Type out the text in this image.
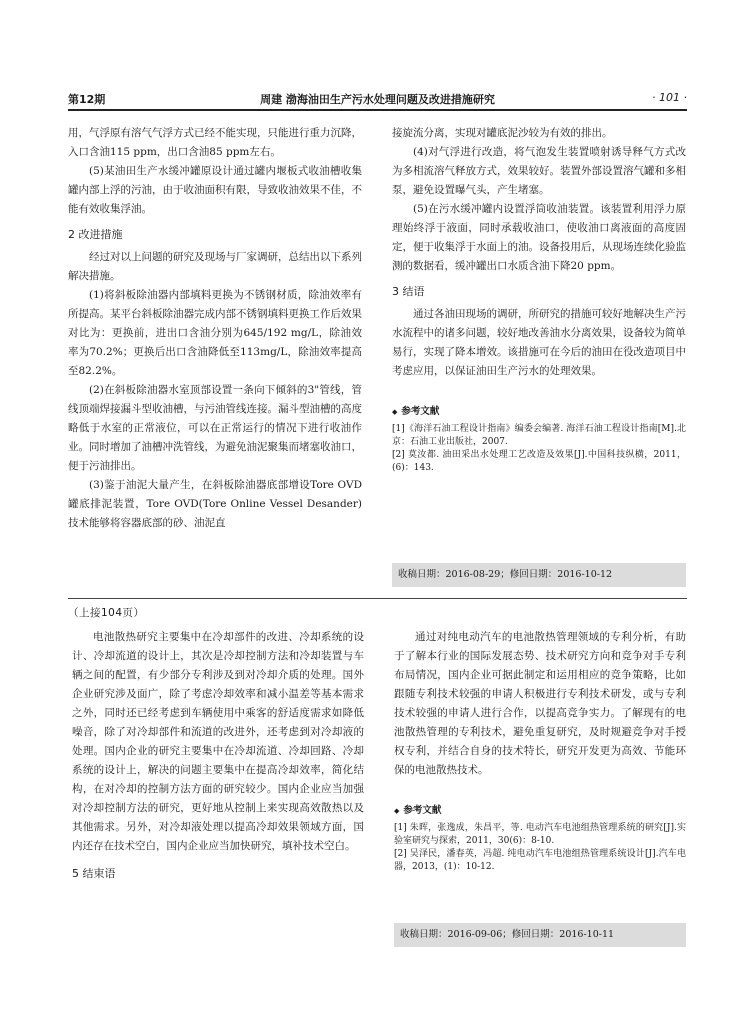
第12期	周建 渤海油田生产污水处理问题及改进措施研究	· 101 ·

用，气浮原有溶气气浮方式已经不能实现，只能进行重力沉降，入口含油115 ppm，出口含油85 ppm左右。

(5)某油田生产水缓冲罐原设计通过罐内堰板式收油槽收集罐内部上浮的污油，由于收油面积有限，导致收油效果不佳，不能有效收集浮油。

2 改进措施

经过对以上问题的研究及现场与厂家调研，总结出以下系列解决措施。

(1)将斜板除油器内部填料更换为不锈钢材质，除油效率有所提高。某平台斜板除油器完成内部不锈钢填料更换工作后效果对比为：更换前，进出口含油分别为645/192 mg/L，除油效率为70.2%；更换后出口含油降低至113mg/L，除油效率提高至82.2%。

(2)在斜板除油器水室顶部设置一条向下倾斜的3"管线，管线顶端焊接漏斗型收油槽，与污油管线连接。漏斗型油槽的高度略低于水室的正常液位，可以在正常运行的情况下进行收油作业。同时增加了油槽冲洗管线，为避免油泥聚集而堵塞收油口，便于污油排出。

(3)鉴于油泥大量产生，在斜板除油器底部增设Tore OVD罐底排泥装置，Tore OVD(Tore Online Vessel Desander)技术能够将容器底部的砂、油泥直

接旋流分离，实现对罐底泥沙较为有效的排出。

(4)对气浮进行改造，将气泡发生装置喷射诱导释气方式改为多相流溶气释放方式，效果较好。装置外部设置溶气罐和多相泵，避免设置曝气头，产生堵塞。

(5)在污水缓冲罐内设置浮筒收油装置。该装置利用浮力原理始终浮于液面，同时承载收油口，使收油口离液面的高度固定，便于收集浮于水面上的油。设备投用后，从现场连续化验监测的数据看，缓冲罐出口水质含油下降20 ppm。

3 结语

通过各油田现场的调研，所研究的措施可较好地解决生产污水流程中的诸多问题，较好地改善油水分离效果，设备较为简单易行，实现了降本增效。该措施可在今后的油田在役改造项目中考虑应用，以保证油田生产污水的处理效果。

◆ 参考文献
[1]《海洋石油工程设计指南》编委会编著. 海洋石油工程设计指南[M].北京：石油工业出版社，2007.
[2] 莫汝都. 油田采出水处理工艺改造及效果[J].中国科技纵横，2011，(6)：143.
收稿日期：2016-08-29；修回日期：2016-10-12
（上接104页）

电池散热研究主要集中在冷却部件的改进、冷却系统的设计、冷却流道的设计上，其次是冷却控制方法和冷却装置与车辆之间的配置，有少部分专利涉及到对冷却介质的处理。国外企业研究涉及面广，除了考虑冷却效率和减小温差等基本需求之外，同时还已经考虑到车辆使用中乘客的舒适度需求如降低噪音，除了对冷却部件和流道的改进外，还考虑到对冷却液的处理。国内企业的研究主要集中在冷却流道、冷却回路、冷却系统的设计上，解决的问题主要集中在提高冷却效率，简化结构，在对冷却的控制方法方面的研究较少。国内企业应当加强对冷却控制方法的研究，更好地从控制上来实现高效散热以及其他需求。另外，对冷却液处理以提高冷却效果领域方面，国内还存在技术空白，国内企业应当加快研究，填补技术空白。

5 结束语

通过对纯电动汽车的电池散热管理领域的专利分析，有助于了解本行业的国际发展态势、技术研究方向和竞争对手专利布局情况，国内企业可据此制定和运用相应的竞争策略，比如跟随专利技术较强的申请人积极进行专利技术研发，或与专利技术较强的申请人进行合作，以提高竞争实力。了解现有的电池散热管理的专利技术，避免重复研究，及时规避竞争对手授权专利，并结合自身的技术特长，研究开发更为高效、节能环保的电池散热技术。

◆ 参考文献
[1] 朱晖，张逸成，朱昌平，等. 电动汽车电池组热管理系统的研究[J].实验室研究与探索，2011，30(6)：8-10.
[2] 吴泽民，潘春英，冯超. 纯电动汽车电池组热管理系统设计[J].汽车电器，2013，(1)：10-12.
收稿日期：2016-09-06；修回日期：2016-10-11
